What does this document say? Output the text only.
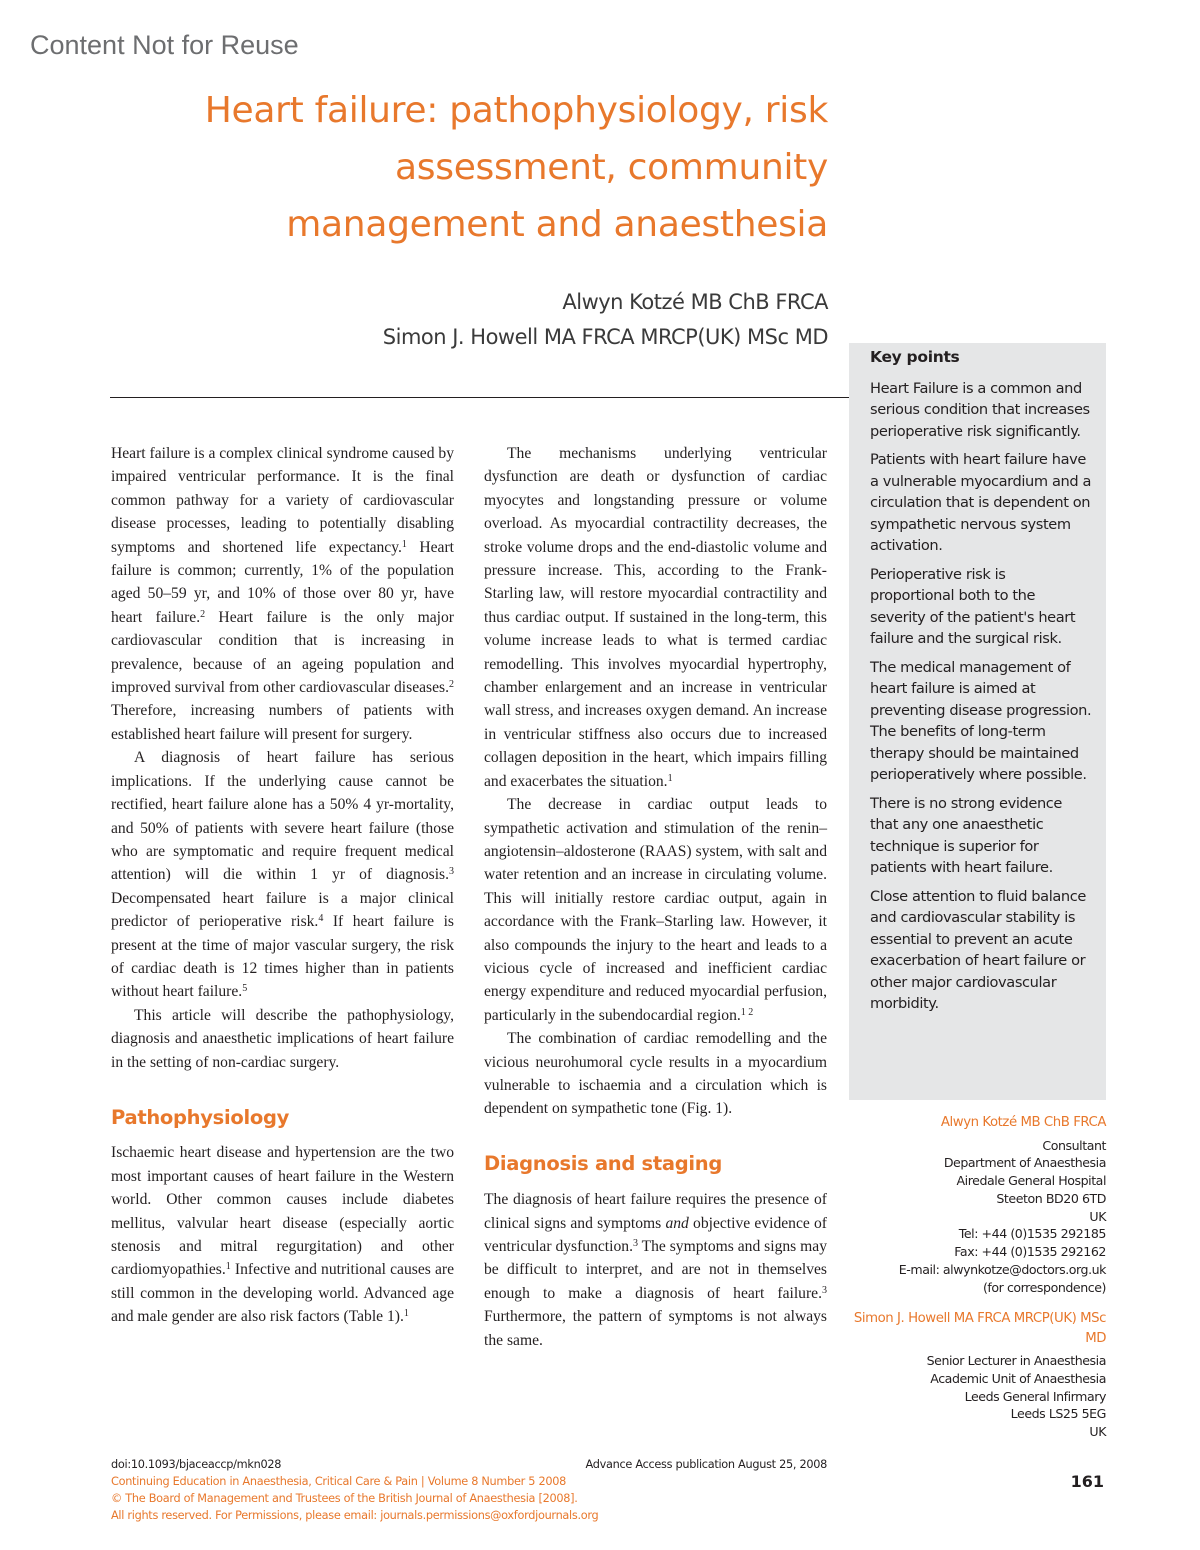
Content Not for Reuse
Heart failure: pathophysiology, risk
assessment, community
management and anaesthesia
Alwyn Kotzé MB ChB FRCA
Simon J. Howell MA FRCA MRCP(UK) MSc MD

Heart failure is a complex clinical syndrome caused by impaired ventricular performance. It is the final common pathway for a variety of cardiovascular disease processes, leading to potentially disabling symptoms and shortened life expectancy.$^1$ Heart failure is common; currently, 1% of the population aged 50–59 yr, and 10% of those over 80 yr, have heart failure.$^2$ Heart failure is the only major cardiovascular condition that is increasing in prevalence, because of an ageing population and improved survival from other cardiovascular diseases.$^2$ Therefore, increasing numbers of patients with established heart failure will present for surgery.

A diagnosis of heart failure has serious implications. If the underlying cause cannot be rectified, heart failure alone has a 50% 4 yr-mortality, and 50% of patients with severe heart failure (those who are symptomatic and require frequent medical attention) will die within 1 yr of diagnosis.$^3$ Decompensated heart failure is a major clinical predictor of perioperative risk.$^4$ If heart failure is present at the time of major vascular surgery, the risk of cardiac death is 12 times higher than in patients without heart failure.$^5$

This article will describe the pathophysiology, diagnosis and anaesthetic implications of heart failure in the setting of non-cardiac surgery.

Pathophysiology

Ischaemic heart disease and hypertension are the two most important causes of heart failure in the Western world. Other common causes include diabetes mellitus, valvular heart disease (especially aortic stenosis and mitral regurgitation) and other cardiomyopathies.$^1$ Infective and nutritional causes are still common in the developing world. Advanced age and male gender are also risk factors (Table 1).$^1$

The mechanisms underlying ventricular dysfunction are death or dysfunction of cardiac myocytes and longstanding pressure or volume overload. As myocardial contractility decreases, the stroke volume drops and the end-diastolic volume and pressure increase. This, according to the Frank-Starling law, will restore myocardial contractility and thus cardiac output. If sustained in the long-term, this volume increase leads to what is termed cardiac remodelling. This involves myocardial hypertrophy, chamber enlargement and an increase in ventricular wall stress, and increases oxygen demand. An increase in ventricular stiffness also occurs due to increased collagen deposition in the heart, which impairs filling and exacerbates the situation.$^1$

The decrease in cardiac output leads to sympathetic activation and stimulation of the renin–angiotensin–aldosterone (RAAS) system, with salt and water retention and an increase in circulating volume. This will initially restore cardiac output, again in accordance with the Frank–Starling law. However, it also compounds the injury to the heart and leads to a vicious cycle of increased and inefficient cardiac energy expenditure and reduced myocardial perfusion, particularly in the subendocardial region.$^{1 2}$

The combination of cardiac remodelling and the vicious neurohumoral cycle results in a myocardium vulnerable to ischaemia and a circulation which is dependent on sympathetic tone (Fig. 1).

Diagnosis and staging

The diagnosis of heart failure requires the presence of clinical signs and symptoms and objective evidence of ventricular dysfunction.$^3$ The symptoms and signs may be difficult to interpret, and are not in themselves enough to make a diagnosis of heart failure.$^3$ Furthermore, the pattern of symptoms is not always the same.

Key points

Heart Failure is a common and serious condition that increases perioperative risk significantly.

Patients with heart failure have a vulnerable myocardium and a circulation that is dependent on sympathetic nervous system activation.

Perioperative risk is proportional both to the severity of the patient's heart failure and the surgical risk.

The medical management of heart failure is aimed at preventing disease progression. The benefits of long-term therapy should be maintained perioperatively where possible.

There is no strong evidence that any one anaesthetic technique is superior for patients with heart failure.

Close attention to fluid balance and cardiovascular stability is essential to prevent an acute exacerbation of heart failure or other major cardiovascular morbidity.

Alwyn Kotzé MB ChB FRCA
Consultant
Department of Anaesthesia
Airedale General Hospital
Steeton BD20 6TD
UK
Tel: +44 (0)1535 292185
Fax: +44 (0)1535 292162
E-mail: alwynkotze@doctors.org.uk
(for correspondence)
Simon J. Howell MA FRCA MRCP(UK) MSc MD
Senior Lecturer in Anaesthesia
Academic Unit of Anaesthesia
Leeds General Infirmary
Leeds LS25 5EG
UK
doi:10.1093/bjaceaccp/mkn028	Advance Access publication August 25, 2008
Continuing Education in Anaesthesia, Critical Care & Pain | Volume 8 Number 5 2008
© The Board of Management and Trustees of the British Journal of Anaesthesia [2008].
All rights reserved. For Permissions, please email: journals.permissions@oxfordjournals.org
161
